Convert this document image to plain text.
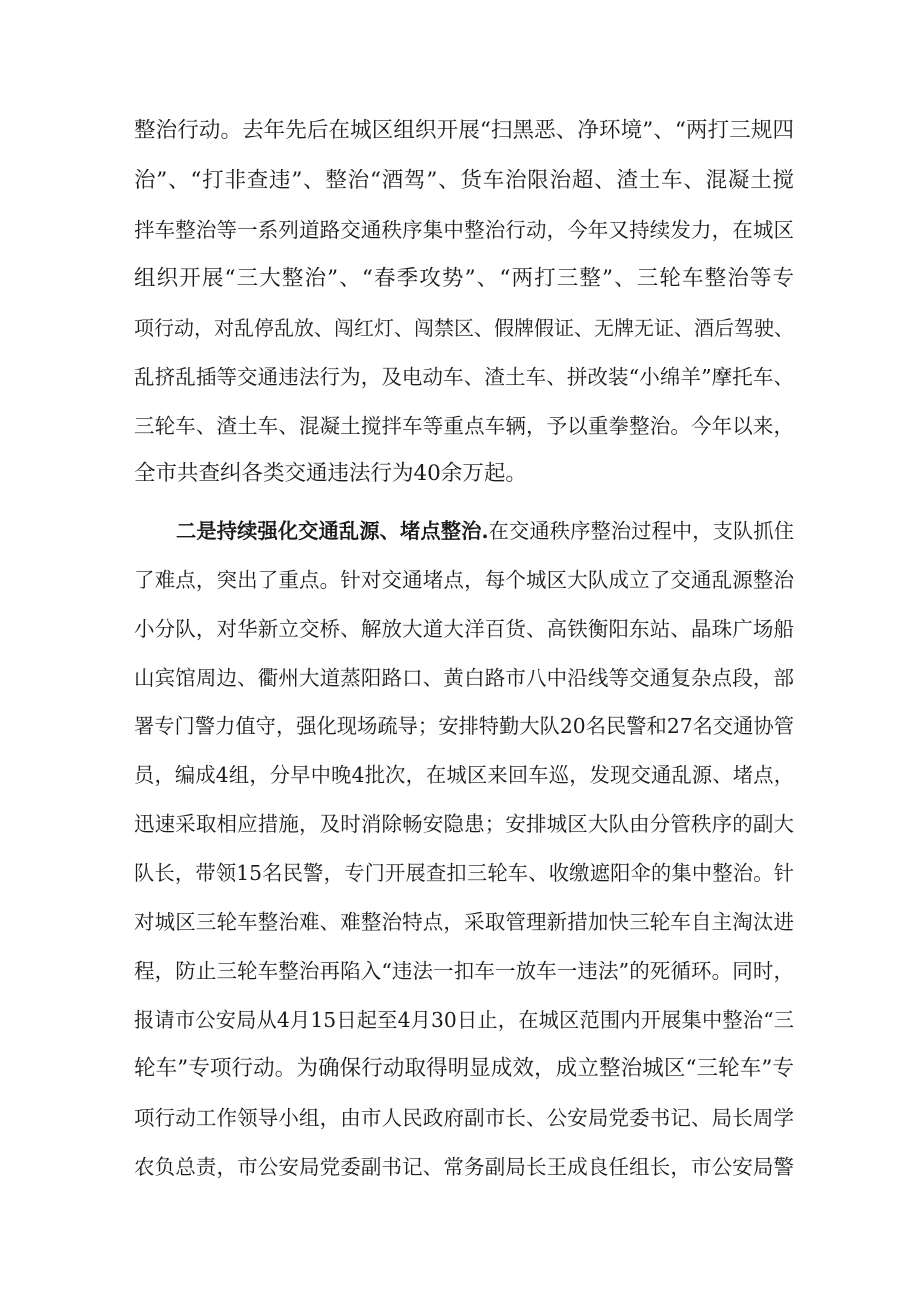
整治行动。去年先后在城区组织开展“扫黑恶、净环境”、“两打三规四
治”、“打非查违”、整治“酒驾”、货车治限治超、渣土车、混凝土搅
拌车整治等一系列道路交通秩序集中整治行动，今年又持续发力，在城区
组织开展“三大整治”、“春季攻势”、“两打三整”、三轮车整治等专
项行动，对乱停乱放、闯红灯、闯禁区、假牌假证、无牌无证、酒后驾驶、
乱挤乱插等交通违法行为，及电动车、渣土车、拼改装“小绵羊”摩托车、
三轮车、渣土车、混凝土搅拌车等重点车辆，予以重拳整治。今年以来，
全市共查纠各类交通违法行为40余万起。
二是持续强化交通乱源、堵点整治.在交通秩序整治过程中，支队抓住
了难点，突出了重点。针对交通堵点，每个城区大队成立了交通乱源整治
小分队，对华新立交桥、解放大道大洋百货、高铁衡阳东站、晶珠广场船
山宾馆周边、衢州大道蒸阳路口、黄白路市八中沿线等交通复杂点段，部
署专门警力值守，强化现场疏导；安排特勤大队20名民警和27名交通协管
员，编成4组，分早中晚4批次，在城区来回车巡，发现交通乱源、堵点，
迅速采取相应措施，及时消除畅安隐患；安排城区大队由分管秩序的副大
队长，带领15名民警，专门开展查扣三轮车、收缴遮阳伞的集中整治。针
对城区三轮车整治难、难整治特点，采取管理新措加快三轮车自主淘汰进
程，防止三轮车整治再陷入“违法一扣车一放车一违法”的死循环。同时，
报请市公安局从4月15日起至4月30日止，在城区范围内开展集中整治“三
轮车”专项行动。为确保行动取得明显成效，成立整治城区“三轮车”专
项行动工作领导小组，由市人民政府副市长、公安局党委书记、局长周学
农负总责，市公安局党委副书记、常务副局长王成良任组长，市公安局警
